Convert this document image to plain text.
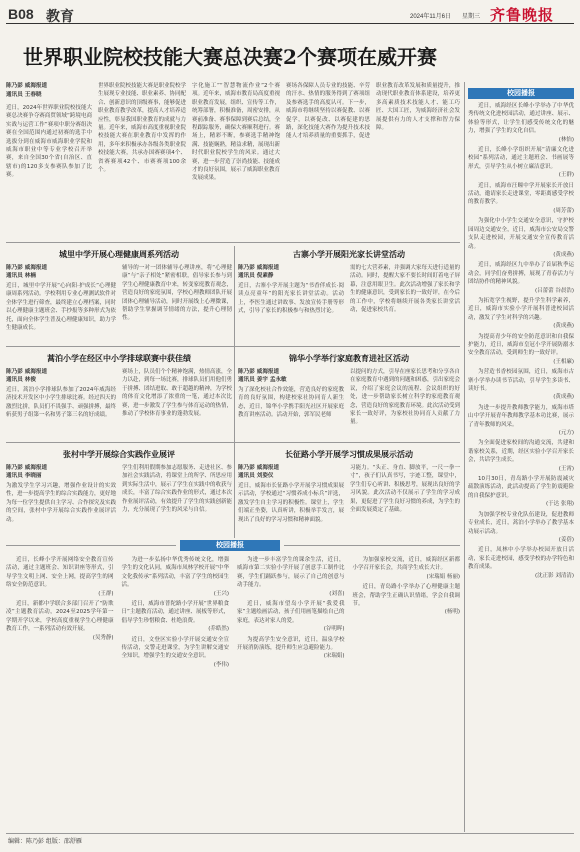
B08 教育	2024年11月6日 星期三 齐鲁晚报
世界职业院校技能大赛总决赛2个赛项在威开赛
陈乃彭 威海报道
通讯员 王春晓
近日，2024年世界职业院校技能大赛总决赛争夺赛商贸领域“跨境电商实战与运营工作”赛项中职分赛组决赛在全国范围内通过初赛的选手中选拔分到在威海市威海职业学院和威海市职业中等专业学校召开举赛，来自全国30个省(自治区、直辖市)的120多支参赛队参加了比赛。
世界职业院校技能大赛是职业院校学生展现专业技能、职业素养、协同配合、创新意识的顶级赛事，能够促进职业教育教学改革，提高人才培养适应性，彰显我国职业教育的成就与力量。近年来，威海市高度重视职业院校技能大赛在职业教育中发挥的作用，多年来积极承办各级各类职业院校技能大赛，共承办国赛赛项4个、省赛赛项42个、市赛赛项100余个。
字化施工”“智慧物流作业”2个赛项。近年来，威海市教育局高度重视职业教育发展，组织、宣传等工作，统筹部署，积极准备，周密安排，从赛前准备、赛事保障到赛后总结，全程跟踪服务，确保大赛顺利进行。赛场上，精彩不断，参赛选手精神饱满、技能娴熟，精益求精，展现出新时代职业院校学生的风采。通过大赛，进一步营造了崇尚技能、技能成才的良好氛围，展示了威海职业教育发展成果。
赛场各保障人员专业的技能、辛劳的汗水、热情的服务得到了赛项组及参赛选手的高度认可。下一步，威海市将继续坚持以赛促教、以赛促学，以赛促改、以赛促建的思路，深化技能大赛作为提升技术技能人才培养质量的重要抓手，促进职业教育改革发展和质量提升，推动现代职业教育体系建设，培养更多高素质技术技能人才、能工巧匠、大国工匠，为威海经济社会发展提供有力的人才支撑和智力保障。
城里中学开展心理健康周系列活动
陈乃彭 威海报道
通讯员 林楠
近日，城里中学开展“心向阳·护成长”心理健康周系列活动。学校利用专业心理测试软件对全体学生进行筛查，最终建立心理档案，同时以心理健康主题班会、手抄报等多种形式为依托，面向全体学生普及心理健康知识，助力学生健康成长。
辅导的一对一团体辅导心理讲座，将“心理健康”与“亲子相处”紧密相联，倡导家长参与到学生心理健康教育中来，转变家庭教育观念，营造良好的家庭氛围，学校心理教师团队开展团体心理辅导活动，同时开展线上心理微课，帮助学生掌握调节情绪的方法，提升心理韧性。
古寨小学开展阳光家长讲堂活动
陈乃彭 威海报道
通讯员 倪素静
近日，古寨小学开展主题为“书香伴成长·阅读点亮童年”的阳光家长讲堂活动。活动上，李医生通过讲故事、发放宣传手册等形式，引导了家长的积极参与和热烈讨论。
需的七大营养素，并强调大家每天进行适量的活动。同时，提醒大家不要长时间盯着电子屏幕，注意用眼卫生。此次活动增强了家长和学生的健康意识，受到家长的一致好评，在今后的工作中，学校将继续开展各类家长讲堂活动，促进家校共育。
蒿泊小学在经区中小学排球联赛中获佳绩
陈乃彭 威海报道
通讯员 林俊
近日，蒿泊小学排球队参加了2024年威海经济技术开发区中小学生排球比赛。经过四天的激烈比拼，队员们不畏强手、顽强拼搏，最终斩获男子组第一名和男子第三名的好成绩。
赛场上，队员们个个精神饱满，热情高涨，全力以赴，到每一场比赛，排球队员们用他们勇于拼搏、团结进取、敢于超越的精神，为学校的体育文化增添了浓重的一笔，通过本次比赛，进一步激发了学生参与体育运动的热情，推动了学校体育事业的蓬勃发展。
锦华小学举行家庭教育进社区活动
陈乃彭 威海报道
通讯员 姜宇 孟永敏
为了深化校社合作效能，营造良好的家庭教育的良好氛围，构建校家社协同育人新生态，近日，锦华小学携手阳光社区开展家庭教育讲座活动。活动开始，郭军民老师
以提问的方式，引导在座家长思考和分享各自在家庭教育中遇到的问题和困惑，引出家庭会议，介绍了家庭会议的流程、会议组织的好处，进一步帮助家长树立科学的家庭教育观念，营造良好的家庭教育环境。此次活动受到家长一致好评，为家校社协同育人贡献了力量。
张村中学开展综合实践作业展评
陈乃彭 威海报道
通讯员 李晓丽
为激发学生学习兴趣，增强作业设计的实效性，进一步提高学生的综合实践能力，更好地为每一位学生提供自主学习、合作探究及实践的空间，张村中学开展综合实践作业展评活动。
学生们利用假期参加志愿服务、走进社区、参加社会实践活动，将课堂上的所学、所思应用到实际生活中，展示了学生在实践中的收获与成长，丰富了综合实践作业的形式，通过本次作业展评活动，有效提升了学生的实践创新能力，充分展现了学生的风采与自信。
长征路小学开展学习惯成果展示活动
陈乃彭 威海报道
通讯员 刘姿仪
近日，威海市长征路小学开展学习惯成果展示活动，学校通过“习惯养成小标兵”评选，激发学生自主学习的积极性。课堂上，学生们端正坐姿，认真听讲，积极举手发言，展现出了良好的学习习惯和精神面貌。
习能力。“头正、身直、脚放平，一尺一拳一寸”，孩子们认真书写，字迹工整，课堂中，学生们专心听讲、积极思考，展现出良好的学习风貌。此次活动不仅展示了学生的学习成果，更促进了学生良好习惯的养成，为学生的全面发展奠定了基础。
校园播报
近日，威海经区长峰小学举办了中华优秀传统文化进校园活动，通过讲座、展示、体验等形式，让学生们感受传统文化的魅力，增强了学生的文化自信。
(林怡)
近日，长峰小学组织开展“清廉文化进校园”系列活动，通过主题班会、书画展等形式，引导学生从小树立廉洁意识。
(王群)
近日，威海市汪疃中学开展家长开放日活动，邀请家长走进课堂，零距离感受学校的教育教学。
(周芳蕾)
为强化中小学生交通安全意识，守护校园周边交通安全，近日，威海市公安局交警支队走进校园，开展交通安全宣传教育活动。
(黄成燕)
近日，威海经区九中举办了首届秋季运动会，同学们奋勇拼搏，展现了青春活力与团结协作的精神风貌。
(吕蕾蕾 谷晨浩)
为拓宽学生视野，提升学生科学素养，近日，威海市实验小学开展科普进校园活动，激发了学生对科学的兴趣。
(黄成燕)
为提高青少年的安全防范意识和自我保护能力，近日，威海市皇冠小学开展防溺水安全教育活动，受到师生的一致好评。
(王相廉)
为营造书香校园氛围，近日，威海市古寨小学举办读书节活动，引导学生多读书、读好书。
(黄成燕)
为进一步提升教师教学能力，威海市塔山中学开展青年教师教学基本功比赛，展示了青年教师的风采。
(元方)
为全面促进家校间的沟通交流，共建和谐家校关系，近期，经区实验小学召开家长会，共话学生成长。
(王霄)
10月30日，青岛路小学开展防震减灾疏散演练活动，此活动提高了学生防震避险的自我保护意识。
(于达 张翔)
为加强学校专业化队伍建设，促进教师专业成长，近日，蒿泊小学举办了教学基本功展示活动。
(姜蓓)
近日，凤林中小学举办校园开放日活动，家长走进校园，感受学校的办学特色和教育成果。
(沈正影 刘清清)
校园播报
近日，长峰小学开展网络安全教育宣传活动，通过主题班会、知识讲座等形式，引导学生文明上网、安全上网，提高学生的网络安全防范意识。
(王群)
近日，新都中学联合多部门召开了“防欺凌”主题教育活动，2024至2025学年第一学期开学以来，学校高度重视学生心理健康教育工作，一系列活动有效开展。
(吴秀静)
为进一步弘扬中华优秀传统文化，增强学生的文化认同，威海市凤林学校开展“中华文化我传承”系列活动，丰富了学生的校园生活。
(王兴)
近日，威海市普陀路小学开展“世界粮食日”主题教育活动，通过讲座、展板等形式，倡导学生珍惜粮食、杜绝浪费。
(乔皓然)
近日，文登区实验小学开展交通安全宣传活动，交警走进课堂，为学生讲解交通安全知识，增强学生的交通安全意识。
(李伟)
为进一步丰富学生的课余生活，近日，威海市第二实验小学开展了创意手工制作比赛，学生们踊跃参与，展示了自己的创意与动手能力。
(刘喜)
近日，威海市望岛小学开展“我爱我家”主题绘画活动，孩子们用画笔描绘自己的家庭，表达对家人的爱。
(谷明晖)
为提高学生安全意识，近日，温泉学校开展消防演练，提升师生应急避险能力。
(宋瑞娟)
为加强家校交流，近日，威海经区新都小学召开家长会，共商学生成长大计。
(宋瑞娟 杨丽)
近日，青岛路小学举办了心理健康主题班会，帮助学生正确认识情绪，学会自我调节。
(杨明)
编辑：陈乃彭 组版：邵舒雁
